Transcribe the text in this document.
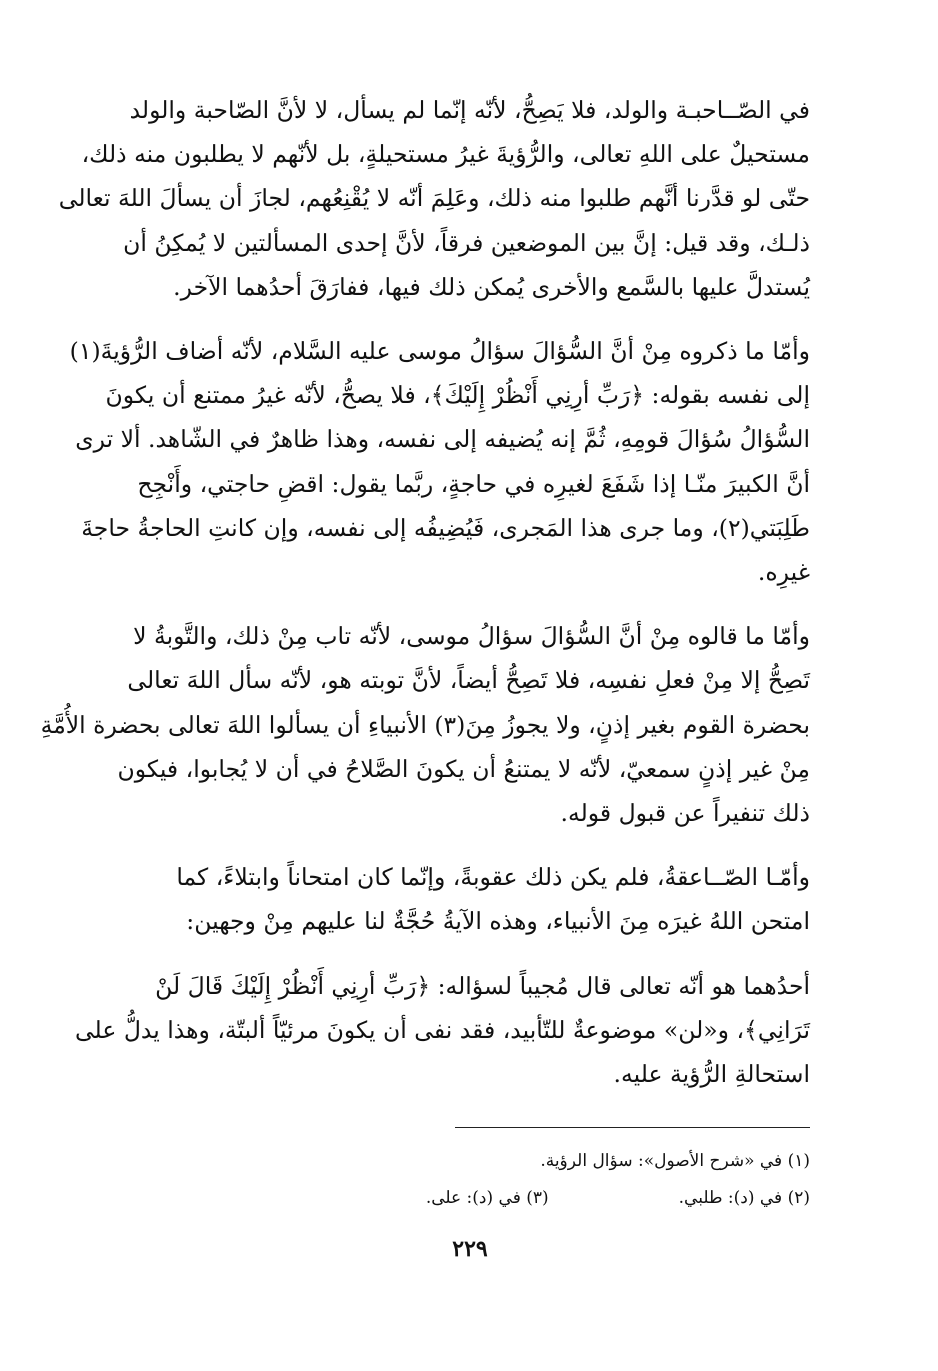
في الصّــاحبـة والولد، فلا يَصِحُّ، لأنّه إنّما لم يسأل، لا لأنَّ الصّاحبة والولد
مستحيلٌ على اللهِ تعالى، والرُّؤيةَ غيرُ مستحيلةٍ، بل لأنّهم لا يطلبون منه ذلك،
حتّى لو قدَّرنا أنَّهم طلبوا منه ذلك، وعَلِمَ أنّه لا يُقْنِعُهم، لجازَ أن يسألَ اللهَ تعالى
ذلـك، وقد قيل: إنَّ بين الموضعين فرقاً، لأنَّ إحدى المسألتين لا يُمكِنُ أن
يُستدلَّ عليها بالسَّمع والأخرى يُمكن ذلك فيها، ففارَقَ أحدُهما الآخر.

وأمّا ما ذكروه مِنْ أنَّ السُّؤالَ سؤالُ موسى عليه السَّلام، لأنّه أضاف الرُّؤيةَ(١)
إلى نفسه بقوله: ﴿رَبِّ أرِنِي أَنْظُرْ إِلَيْكَ﴾، فلا يصحُّ، لأنّه غيرُ ممتنع أن يكونَ
السُّؤالُ سُؤالَ قومِهِ، ثُمَّ إنه يُضيفه إلى نفسه، وهذا ظاهرٌ في الشّاهد. ألا ترى
أنَّ الكبيرَ منّـا إذا شَفَعَ لغيرِه في حاجةٍ، ربَّما يقول: اقضِ حاجتي، وأَنْجِح
طَلِبَتي(٢)، وما جرى هذا المَجرى، فَيُضِيفُه إلى نفسه، وإن كانتِ الحاجةُ حاجةَ
غيرِه.

وأمّا ما قالوه مِنْ أنَّ السُّؤالَ سؤالُ موسى، لأنّه تاب مِنْ ذلك، والتَّوبةُ لا
تَصِحُّ إلا مِنْ فعلِ نفسِه، فلا تَصِحُّ أيضاً، لأنَّ توبته هو، لأنّه سأل اللهَ تعالى
بحضرة القوم بغير إذنٍ، ولا يجوزُ مِنَ(٣) الأنبياءِ أن يسألوا اللهَ تعالى بحضرة الأُمَّةِ
مِنْ غير إذنٍ سمعيّ، لأنّه لا يمتنعُ أن يكونَ الصَّلاحُ في أن لا يُجابوا، فيكون
ذلك تنفيراً عن قبول قوله.

وأمّـا الصّــاعقةُ، فلم يكن ذلك عقوبةً، وإنّما كان امتحاناً وابتلاءً، كما
امتحن اللهُ غيرَه مِنَ الأنبياء، وهذه الآيةُ حُجَّةٌ لنا عليهم مِنْ وجهين:

أحدُهما هو أنّه تعالى قال مُجيباً لسؤاله: ﴿رَبِّ أرِنِي أَنْظُرْ إِلَيْكَ قَالَ لَنْ
تَرَانِي﴾، و«لن» موضوعةٌ للتّأبيد، فقد نفى أن يكونَ مرئيّاً ألبتّة، وهذا يدلُّ على
استحالةِ الرُّؤية عليه.

(١) في «شرح الأصول»: سؤال الرؤية.
(٢) في (د): طلبي.
(٣) في (د): على.
٢٢٩
